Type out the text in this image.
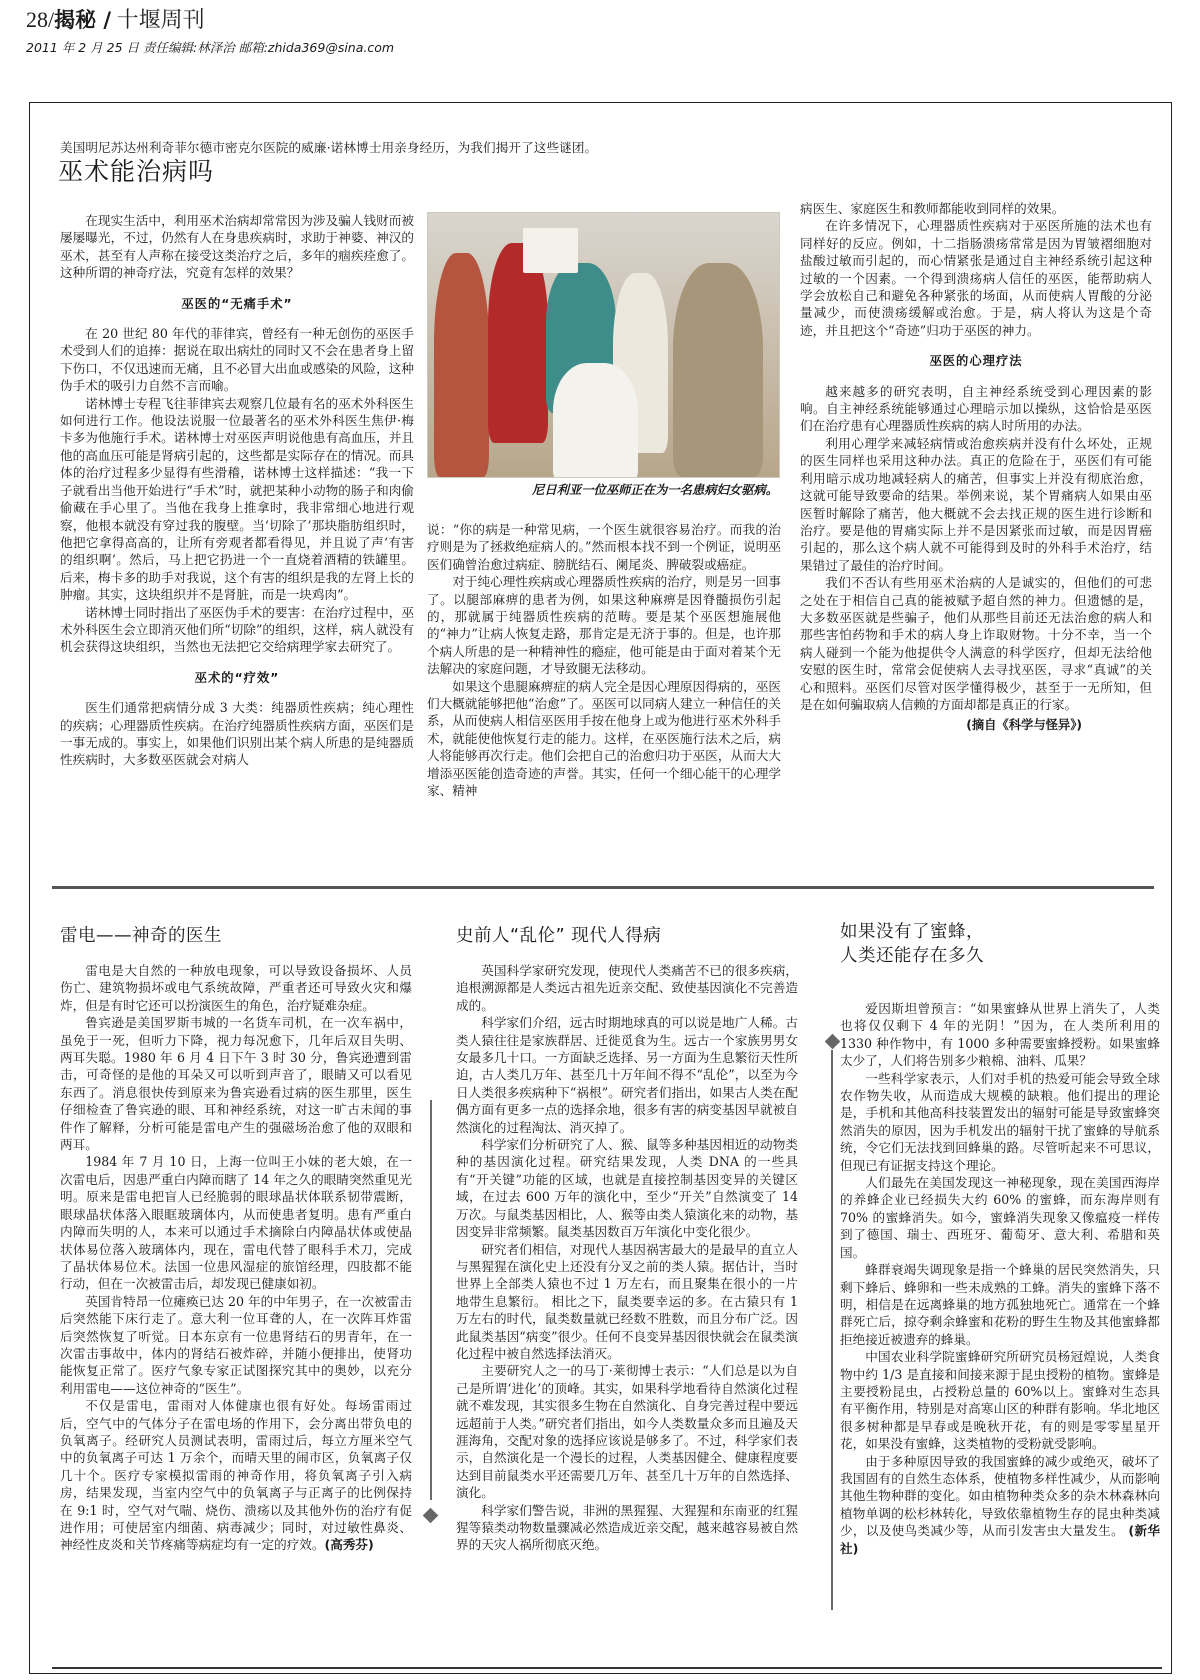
28/揭秘 / 十堰周刊
2011 年 2 月 25 日 责任编辑:林泽治 邮箱:zhida369@sina.com
美国明尼苏达州利奇菲尔德市密克尔医院的威廉·诺林博士用亲身经历，为我们揭开了这些谜团。
巫术能治病吗

在现实生活中，利用巫术治病却常常因为涉及骗人钱财而被屡屡曝光，不过，仍然有人在身患疾病时，求助于神婆、神汉的巫术，甚至有人声称在接受这类治疗之后，多年的痼疾痊愈了。这种所谓的神奇疗法，究竟有怎样的效果？

巫医的“无痛手术”

在 20 世纪 80 年代的菲律宾，曾经有一种无创伤的巫医手术受到人们的追捧：据说在取出病灶的同时又不会在患者身上留下伤口，不仅迅速而无痛，且不必冒大出血或感染的风险，这种伪手术的吸引力自然不言而喻。

诺林博士专程飞往菲律宾去观察几位最有名的巫术外科医生如何进行工作。他设法说服一位最著名的巫术外科医生焦伊·梅卡多为他施行手术。诺林博士对巫医声明说他患有高血压，并且他的高血压可能是肾病引起的，这些都是实际存在的情况。而具体的治疗过程多少显得有些滑稽，诺林博士这样描述：“我一下子就看出当他开始进行“手术”时，就把某种小动物的肠子和肉偷偷藏在手心里了。当他在我身上推拿时，我非常细心地进行观察，他根本就没有穿过我的腹壁。当‘切除了’那块脂肪组织时，他把它拿得高高的，让所有旁观者都看得见，并且说了声‘有害的组织啊’。然后，马上把它扔进一个一直烧着酒精的铁罐里。后来，梅卡多的助手对我说，这个有害的组织是我的左肾上长的肿瘤。其实，这块组织并不是肾脏，而是一块鸡肉”。

诺林博士同时指出了巫医伪手术的要害：在治疗过程中，巫术外科医生会立即消灭他们所“切除”的组织，这样，病人就没有机会获得这块组织，当然也无法把它交给病理学家去研究了。

巫术的“疗效”

医生们通常把病情分成 3 大类：纯器质性疾病；纯心理性的疾病；心理器质性疾病。在治疗纯器质性疾病方面，巫医们是一事无成的。事实上，如果他们识别出某个病人所患的是纯器质性疾病时，大多数巫医就会对病人

尼日利亚一位巫师正在为一名患病妇女驱病。

说：“你的病是一种常见病，一个医生就很容易治疗。而我的治疗则是为了拯救绝症病人的。”然而根本找不到一个例证，说明巫医们确曾治愈过病症、膀胱结石、阑尾炎、脾破裂或癌症。

对于纯心理性疾病或心理器质性疾病的治疗，则是另一回事了。以腿部麻痹的患者为例，如果这种麻痹是因脊髓损伤引起的，那就属于纯器质性疾病的范畴。要是某个巫医想施展他的“神力”让病人恢复走路，那肯定是无济于事的。但是，也许那个病人所患的是一种精神性的瘾症，他可能是由于面对着某个无法解决的家庭问题，才导致腿无法移动。

如果这个患腿麻痹症的病人完全是因心理原因得病的，巫医们大概就能够把他“治愈”了。巫医可以同病人建立一种信任的关系，从而使病人相信巫医用手按在他身上或为他进行巫术外科手术，就能使他恢复行走的能力。这样，在巫医施行法术之后，病人将能够再次行走。他们会把自己的治愈归功于巫医，从而大大增添巫医能创造奇迹的声誉。其实，任何一个细心能干的心理学家、精神

病医生、家庭医生和教师都能收到同样的效果。

在许多情况下，心理器质性疾病对于巫医所施的法术也有同样好的反应。例如，十二指肠溃疡常常是因为胃皱褶细胞对盐酸过敏而引起的，而心情紧张是通过自主神经系统引起这种过敏的一个因素。一个得到溃疡病人信任的巫医，能帮助病人学会放松自己和避免各种紧张的场面，从而使病人胃酸的分泌量减少，而使溃疡缓解或治愈。于是，病人将认为这是个奇迹，并且把这个“奇迹”归功于巫医的神力。

巫医的心理疗法

越来越多的研究表明，自主神经系统受到心理因素的影响。自主神经系统能够通过心理暗示加以操纵，这恰恰是巫医们在治疗患有心理器质性疾病的病人时所用的办法。

利用心理学来减轻病情或治愈疾病并没有什么坏处，正规的医生同样也采用这种办法。真正的危险在于，巫医们有可能利用暗示成功地减轻病人的痛苦，但事实上并没有彻底治愈，这就可能导致要命的结果。举例来说，某个胃痛病人如果由巫医暂时解除了痛苦，他大概就不会去找正规的医生进行诊断和治疗。要是他的胃痛实际上并不是因紧张而过敏，而是因胃癌引起的，那么这个病人就不可能得到及时的外科手术治疗，结果错过了最佳的治疗时间。

我们不否认有些用巫术治病的人是诚实的，但他们的可悲之处在于相信自己真的能被赋予超自然的神力。但遗憾的是，大多数巫医就是些骗子，他们从那些目前还无法治愈的病人和那些害怕药物和手术的病人身上诈取财物。十分不幸，当一个病人碰到一个能为他提供令人满意的科学医疗，但却无法给他安慰的医生时，常常会促使病人去寻找巫医，寻求“真诚”的关心和照料。巫医们尽管对医学懂得极少，甚至于一无所知，但是在如何骗取病人信赖的方面却都是真正的行家。

(摘自《科学与怪异》)
雷电——神奇的医生

雷电是大自然的一种放电现象，可以导致设备损坏、人员伤亡、建筑物损坏或电气系统故障，严重者还可导致火灾和爆炸，但是有时它还可以扮演医生的角色，治疗疑难杂症。

鲁宾逊是美国罗斯韦城的一名货车司机，在一次车祸中，虽免于一死，但听力下降，视力每况愈下，几年后双目失明、两耳失聪。1980 年 6 月 4 日下午 3 时 30 分，鲁宾逊遭到雷击，可奇怪的是他的耳朵又可以听到声音了，眼睛又可以看见东西了。消息很快传到原来为鲁宾逊看过病的医生那里，医生仔细检查了鲁宾逊的眼、耳和神经系统，对这一旷古未闻的事件作了解释，分析可能是雷电产生的强磁场治愈了他的双眼和两耳。

1984 年 7 月 10 日，上海一位叫王小妹的老大娘，在一次雷电后，因患严重白内障而瞎了 14 年之久的眼睛突然重见光明。原来是雷电把盲人已经脆弱的眼球晶状体联系韧带震断，眼球晶状体落入眼眶玻璃体内，从而使患者复明。患有严重白内障而失明的人，本来可以通过手术摘除白内障晶状体或使晶状体易位落入玻璃体内，现在，雷电代替了眼科手术刀，完成了晶状体易位术。法国一位患风湿症的旅馆经理，四肢都不能行动，但在一次被雷击后，却发现已健康如初。

英国肯特昂一位瘫痪已达 20 年的中年男子，在一次被雷击后突然能下床行走了。意大利一位耳聋的人，在一次阵耳炸雷后突然恢复了听觉。日本东京有一位患肾结石的男青年，在一次雷击事故中，体内的肾结石被炸碎，并随小便排出，使肾功能恢复正常了。医疗气象专家正试图探究其中的奥妙，以充分利用雷电——这位神奇的“医生”。

不仅是雷电，雷雨对人体健康也很有好处。每场雷雨过后，空气中的气体分子在雷电场的作用下，会分离出带负电的负氧离子。经研究人员测试表明，雷雨过后，每立方厘米空气中的负氧离子可达 1 万余个，而晴天里的闹市区，负氧离子仅几十个。医疗专家模拟雷雨的神奇作用，将负氧离子引入病房，结果发现，当室内空气中的负氧离子与正离子的比例保持在 9:1 时，空气对气喘、烧伤、溃疡以及其他外伤的治疗有促进作用；可使居室内细菌、病毒减少；同时，对过敏性鼻炎、神经性皮炎和关节疼痛等病症均有一定的疗效。(高秀芬)

史前人“乱伦” 现代人得病

英国科学家研究发现，使现代人类痛苦不已的很多疾病，追根溯源都是人类远古祖先近亲交配、致使基因演化不完善造成的。

科学家们介绍，远古时期地球真的可以说是地广人稀。古类人猿往往是家族群居、迁徙觅食为生。远古一个家族男男女女最多几十口。一方面缺乏选择、另一方面为生息繁衍天性所迫，古人类几万年、甚至几十万年间不得不“乱伦”，以至为今日人类很多疾病种下“祸根”。研究者们指出，如果古人类在配偶方面有更多一点的选择余地，很多有害的病变基因早就被自然演化的过程淘汰、消灭掉了。

科学家们分析研究了人、猴、鼠等多种基因相近的动物类种的基因演化过程。研究结果发现，人类 DNA 的一些具有“开关键”功能的区域，也就是直接控制基因变异的关键区域，在过去 600 万年的演化中，至少“开关”自然演变了 14 万次。与鼠类基因相比，人、猴等由类人猿演化来的动物，基因变异非常频繁。鼠类基因数百万年演化中变化很少。

研究者们相信，对现代人基因祸害最大的是最早的直立人与黑猩猩在演化史上还没有分叉之前的类人猿。据估计，当时世界上全部类人猿也不过 1 万左右，而且聚集在很小的一片地带生息繁衍。 相比之下，鼠类要幸运的多。在古猿只有 1 万左右的时代，鼠类数量就已经数不胜数，而且分布广泛。因此鼠类基因“病变”很少。任何不良变异基因很快就会在鼠类演化过程中被自然选择法消灭。

主要研究人之一的马丁·莱彻博士表示：“人们总是以为自己是所谓‘进化’的顶峰。其实，如果科学地看待自然演化过程就不难发现，其实很多生物在自然演化、自身完善过程中要远远超前于人类。”研究者们指出，如今人类数量众多而且遍及天涯海角，交配对象的选择应该说是够多了。不过，科学家们表示，自然演化是一个漫长的过程，人类基因健全、健康程度要达到目前鼠类水平还需要几万年、甚至几十万年的自然选择、演化。

科学家们警告说，非洲的黑猩猩、大猩猩和东南亚的红猩猩等猿类动物数量骤减必然造成近亲交配，越来越容易被自然界的天灾人祸所彻底灭绝。

如果没有了蜜蜂，
人类还能存在多久

爱因斯坦曾预言：“如果蜜蜂从世界上消失了，人类也将仅仅剩下 4 年的光阴！”因为，在人类所利用的 1330 种作物中，有 1000 多种需要蜜蜂授粉。如果蜜蜂太少了，人们将告别多少粮棉、油料、瓜果？

一些科学家表示，人们对手机的热爱可能会导致全球农作物失收，从而造成大规模的缺粮。他们提出的理论是，手机和其他高科技装置发出的辐射可能是导致蜜蜂突然消失的原因，因为手机发出的辐射干扰了蜜蜂的导航系统，令它们无法找到回蜂巢的路。尽管听起来不可思议，但现已有证据支持这个理论。

人们最先在美国发现这一神秘现象，现在美国西海岸的养蜂企业已经损失大约 60% 的蜜蜂，而东海岸则有 70% 的蜜蜂消失。如今，蜜蜂消失现象又像瘟疫一样传到了德国、瑞士、西班牙、葡萄牙、意大利、希腊和英国。

蜂群衰竭失调现象是指一个蜂巢的居民突然消失，只剩下蜂后、蜂卵和一些未成熟的工蜂。消失的蜜蜂下落不明，相信是在远离蜂巢的地方孤独地死亡。通常在一个蜂群死亡后，掠夺剩余蜂蜜和花粉的野生生物及其他蜜蜂都拒绝接近被遗弃的蜂巢。

中国农业科学院蜜蜂研究所研究员杨冠煌说，人类食物中约 1/3 是直接和间接来源于昆虫授粉的植物。蜜蜂是主要授粉昆虫，占授粉总量的 60%以上。蜜蜂对生态具有平衡作用，特别是对高寒山区的种群有影响。华北地区很多树种都是早春或是晚秋开花，有的则是零零星星开花，如果没有蜜蜂，这类植物的受粉就受影响。

由于多种原因导致的我国蜜蜂的减少或绝灭，破坏了我国固有的自然生态体系，使植物多样性减少，从而影响其他生物种群的变化。如由植物种类众多的杂木林森林向植物单调的松杉林转化，导致依靠植物生存的昆虫种类减少，以及使鸟类减少等，从而引发害虫大量发生。 (新华社)
